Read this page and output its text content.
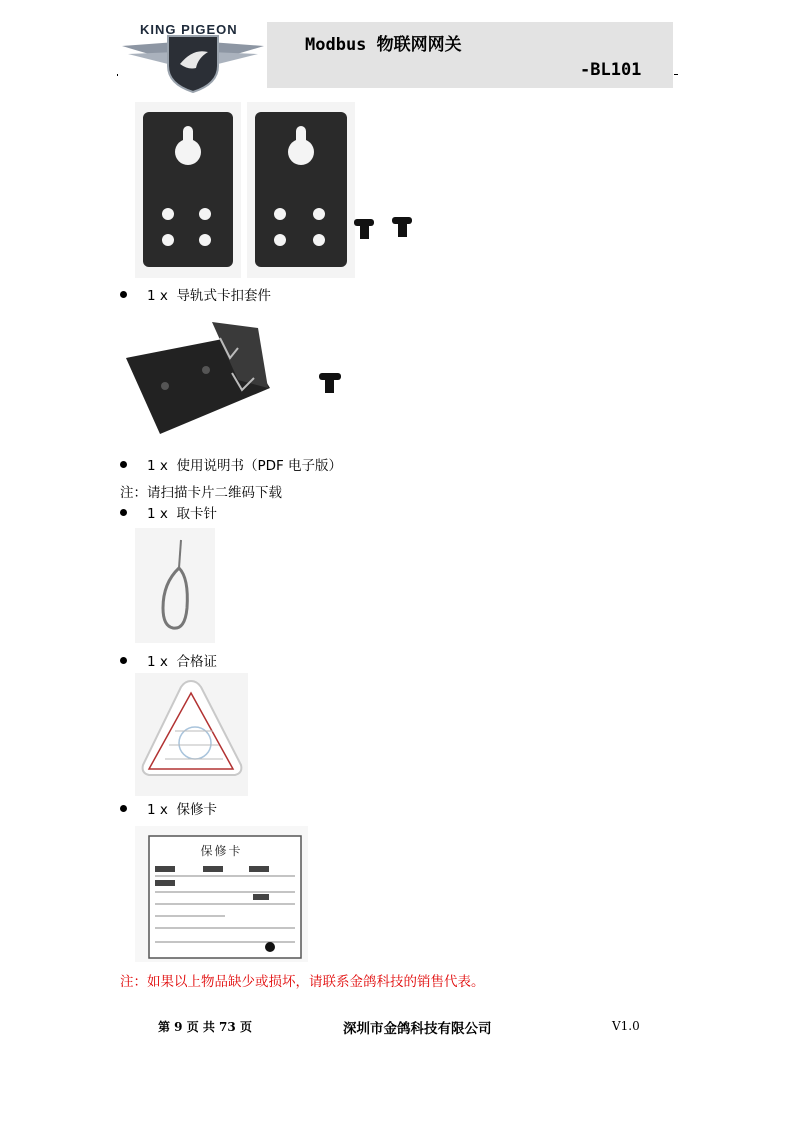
KING PIGEON
Modbus 物联网网关
-BL101
1 x 导轨式卡扣套件
1 x 使用说明书（PDF 电子版）
注：请扫描卡片二维码下载
1 x 取卡针
1 x 合格证
1 x 保修卡
保修卡
注：如果以上物品缺少或损坏，请联系金鸽科技的销售代表。
第 9 页 共 73 页	深圳市金鸽科技有限公司	V1.0
